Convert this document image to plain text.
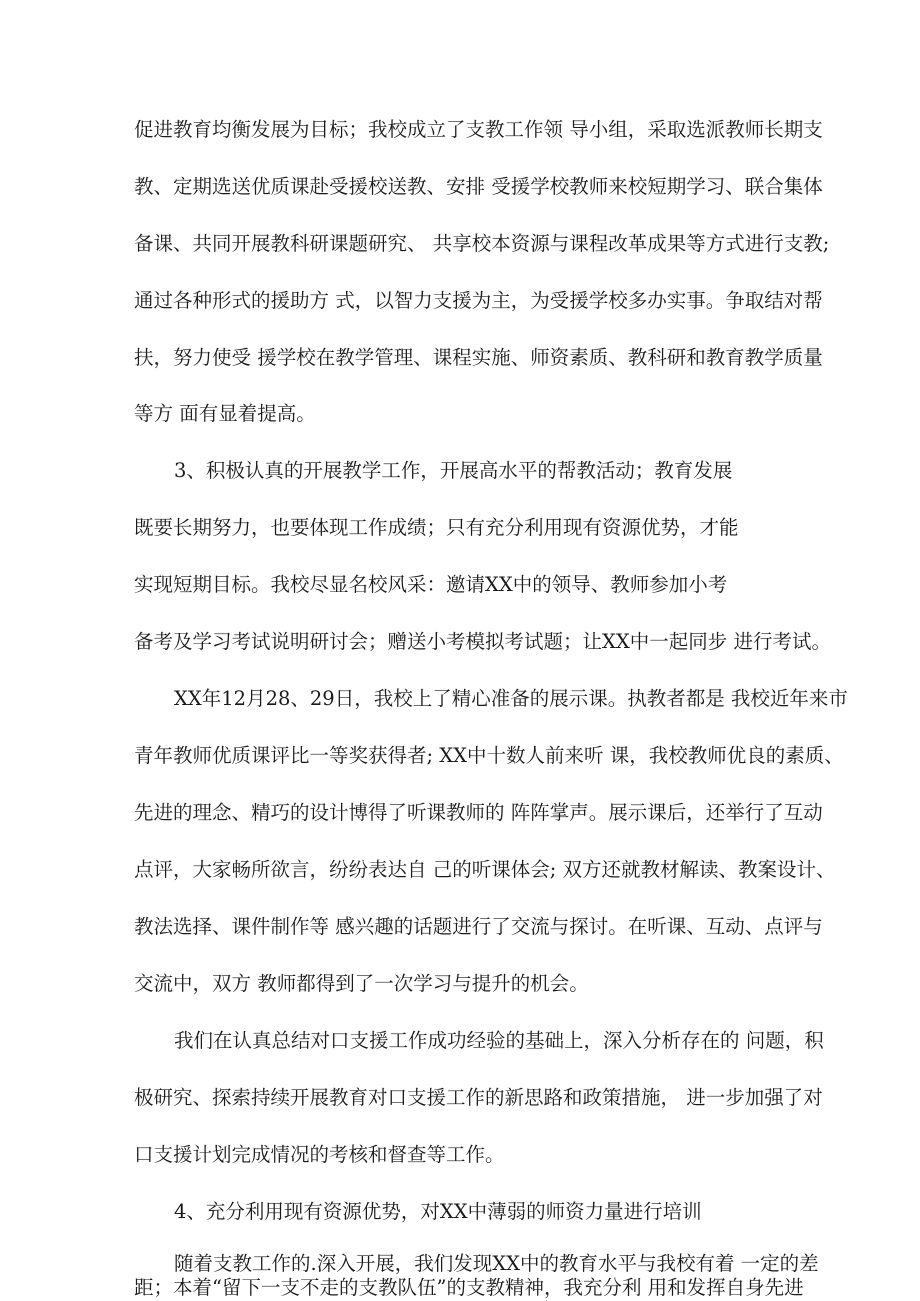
促进教育均衡发展为目标；我校成立了支教工作领 导小组，采取选派教师长期支
教、定期选送优质课赴受援校送教、安排 受援学校教师来校短期学习、联合集体
备课、共同开展教科研课题研究、 共享校本资源与课程改革成果等方式进行支教;
通过各种形式的援助方 式，以智力支援为主，为受援学校多办实事。争取结对帮
扶，努力使受 援学校在教学管理、课程实施、师资素质、教科研和教育教学质量
等方 面有显着提高。
3、积极认真的开展教学工作，开展高水平的帮教活动；教育发展
既要长期努力，也要体现工作成绩；只有充分利用现有资源优势，才能
实现短期目标。我校尽显名校风采：邀请XX中的领导、教师参加小考
备考及学习考试说明研讨会；赠送小考模拟考试题；让XX中一起同步 进行考试。
XX年12月28、29日，我校上了精心准备的展示课。执教者都是 我校近年来市
青年教师优质课评比一等奖获得者; XX中十数人前来听 课，我校教师优良的素质、
先进的理念、精巧的设计博得了听课教师的 阵阵掌声。展示课后，还举行了互动
点评，大家畅所欲言，纷纷表达自 己的听课体会; 双方还就教材解读、教案设计、
教法选择、课件制作等 感兴趣的话题进行了交流与探讨。在听课、互动、点评与
交流中，双方 教师都得到了一次学习与提升的机会。
我们在认真总结对口支援工作成功经验的基础上，深入分析存在的 问题，积
极研究、探索持续开展教育对口支援工作的新思路和政策措施， 进一步加强了对
口支援计划完成情况的考核和督查等工作。
4、充分利用现有资源优势，对XX中薄弱的师资力量进行培训
随着支教工作的.深入开展，我们发现XX中的教育水平与我校有着 一定的差
距；本着“留下一支不走的支教队伍”的支教精神，我充分利 用和发挥自身先进
